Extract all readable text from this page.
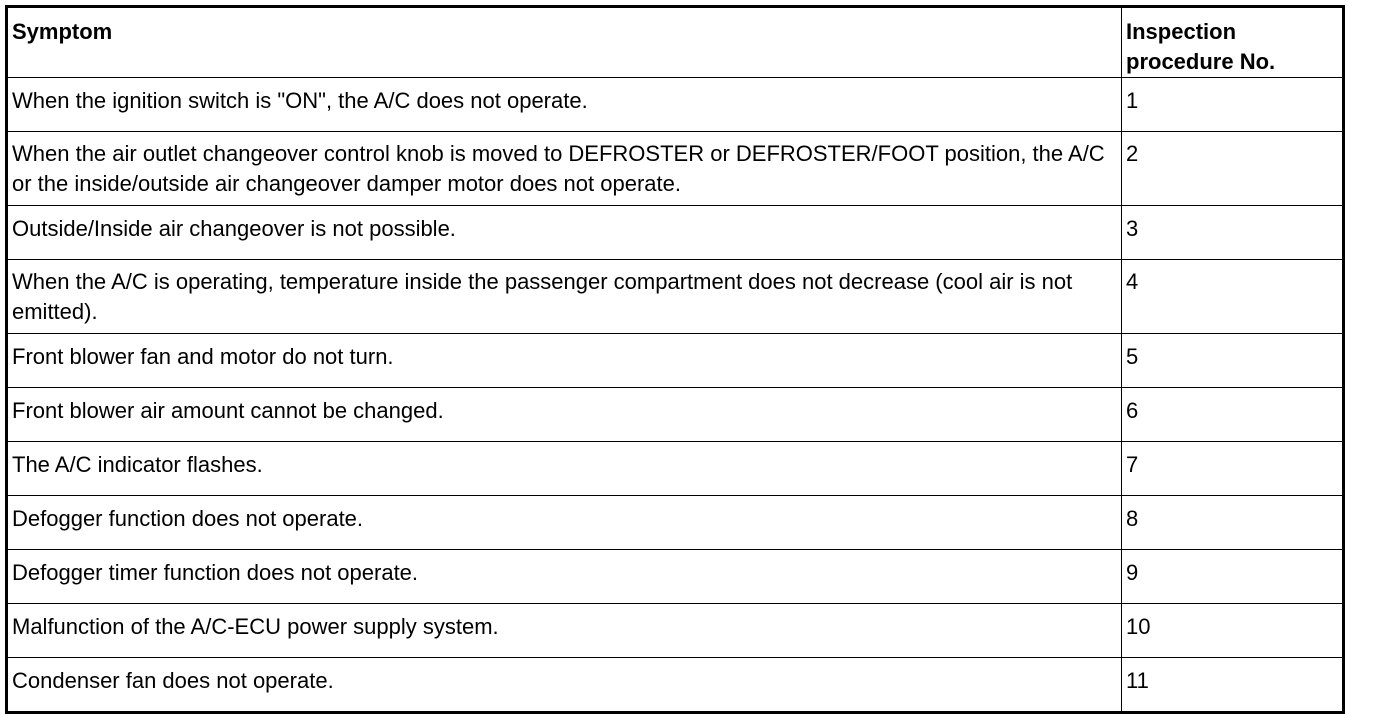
Symptom	Inspection procedure No.
When the ignition switch is "ON", the A/C does not operate.	1
When the air outlet changeover control knob is moved to DEFROSTER or DEFROSTER/FOOT position, the A/C or the inside/outside air changeover damper motor does not operate.	2
Outside/Inside air changeover is not possible.	3
When the A/C is operating, temperature inside the passenger compartment does not decrease (cool air is not emitted).	4
Front blower fan and motor do not turn.	5
Front blower air amount cannot be changed.	6
The A/C indicator flashes.	7
Defogger function does not operate.	8
Defogger timer function does not operate.	9
Malfunction of the A/C-ECU power supply system.	10
Condenser fan does not operate.	11
